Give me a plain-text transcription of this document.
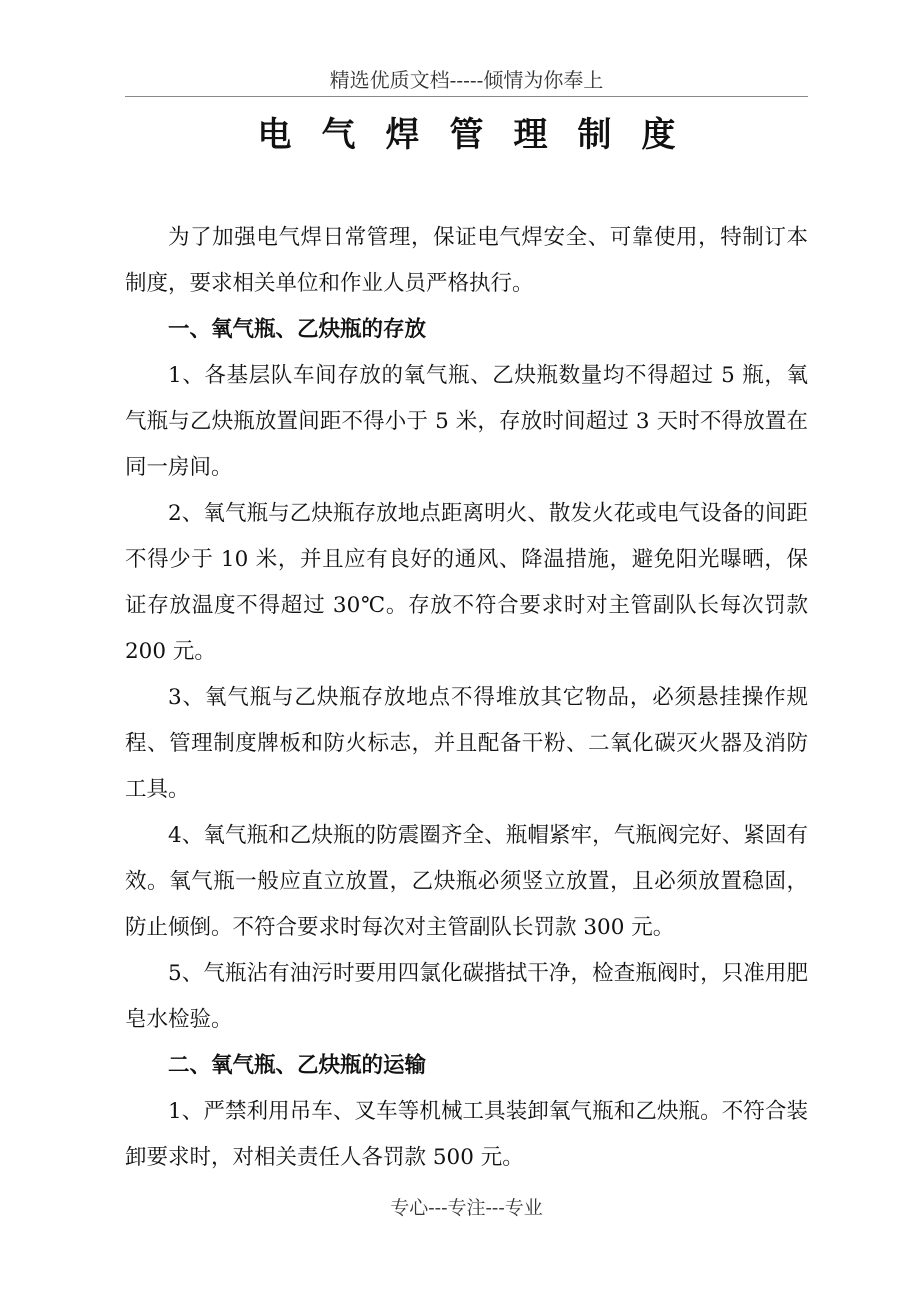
精选优质文档-----倾情为你奉上
电气焊管理制度

为了加强电气焊日常管理，保证电气焊安全、可靠使用，特制订本制度，要求相关单位和作业人员严格执行。

一、氧气瓶、乙炔瓶的存放

1、各基层队车间存放的氧气瓶、乙炔瓶数量均不得超过 5 瓶，氧气瓶与乙炔瓶放置间距不得小于 5 米，存放时间超过 3 天时不得放置在同一房间。

2、氧气瓶与乙炔瓶存放地点距离明火、散发火花或电气设备的间距不得少于 10 米，并且应有良好的通风、降温措施，避免阳光曝晒，保证存放温度不得超过 30℃。存放不符合要求时对主管副队长每次罚款 200 元。

3、氧气瓶与乙炔瓶存放地点不得堆放其它物品，必须悬挂操作规程、管理制度牌板和防火标志，并且配备干粉、二氧化碳灭火器及消防工具。

4、氧气瓶和乙炔瓶的防震圈齐全、瓶帽紧牢，气瓶阀完好、紧固有效。氧气瓶一般应直立放置，乙炔瓶必须竖立放置，且必须放置稳固，防止倾倒。不符合要求时每次对主管副队长罚款 300 元。

5、气瓶沾有油污时要用四氯化碳揩拭干净，检查瓶阀时，只准用肥皂水检验。

二、氧气瓶、乙炔瓶的运输

1、严禁利用吊车、叉车等机械工具装卸氧气瓶和乙炔瓶。不符合装卸要求时，对相关责任人各罚款 500 元。

专心---专注---专业
